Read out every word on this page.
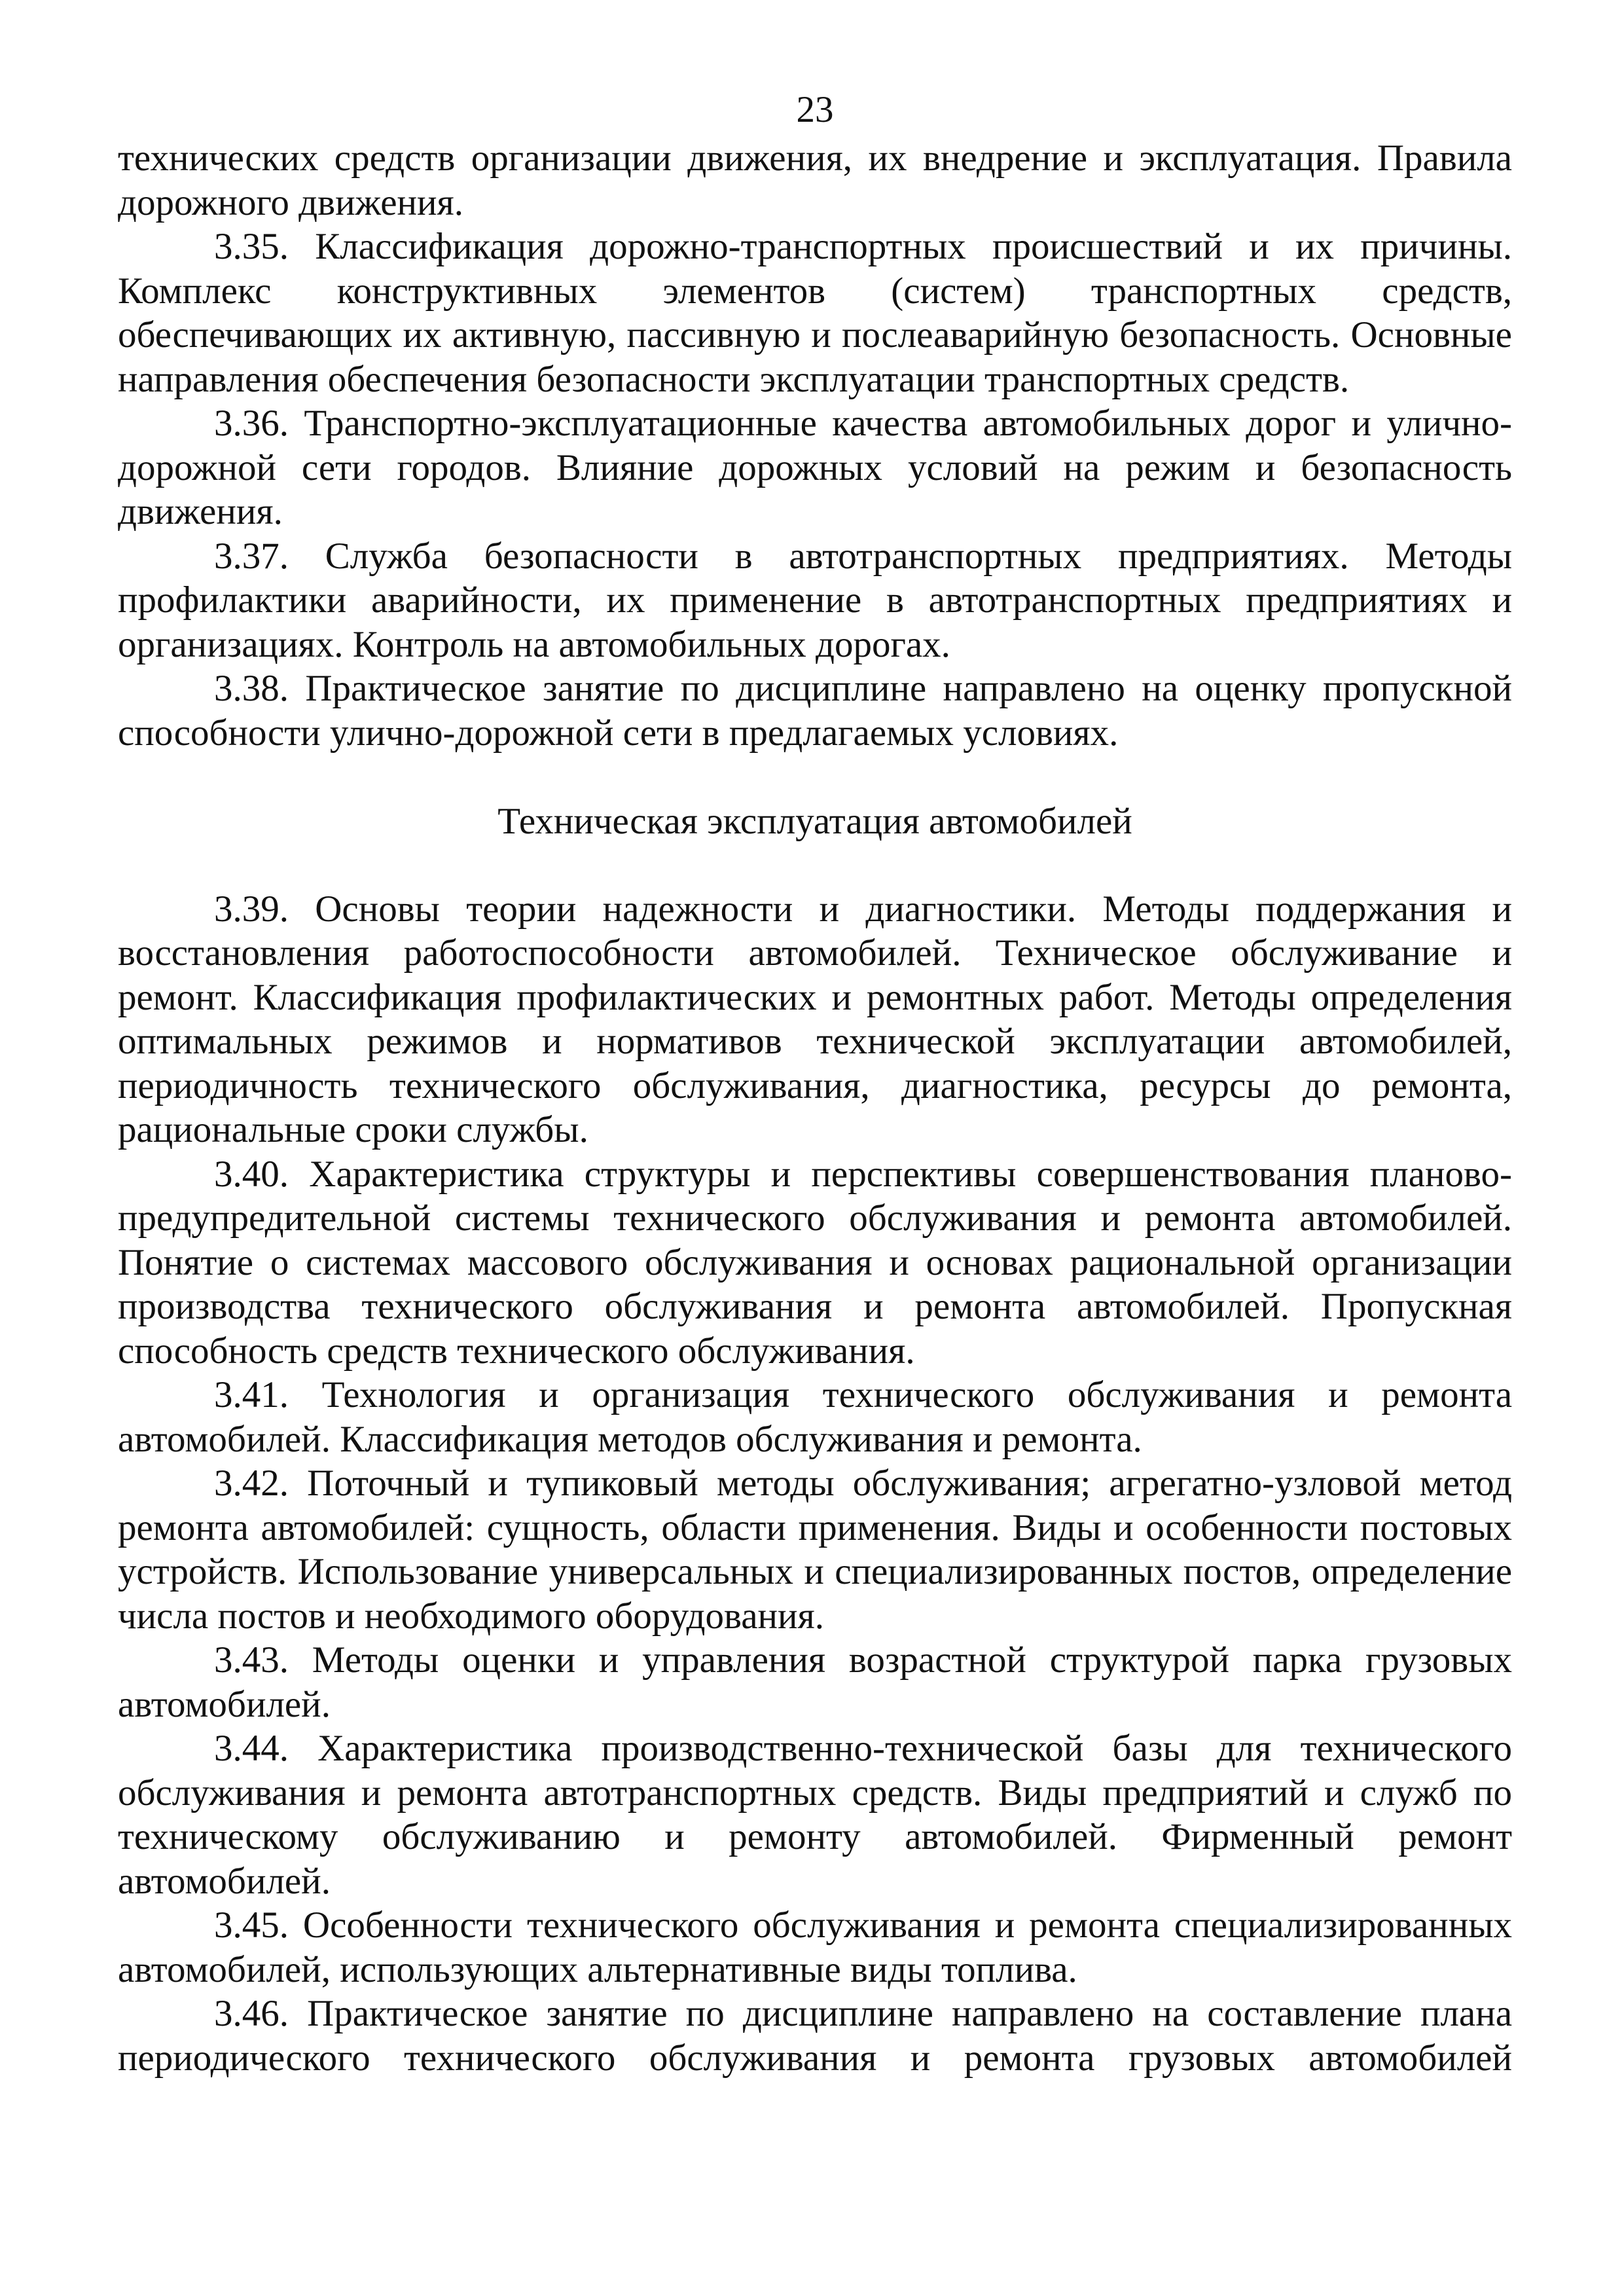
23

технических средств организации движения, их внедрение и эксплуатация. Правила дорожного движения.

3.35. Классификация дорожно-транспортных происшествий и их причины. Комплекс конструктивных элементов (систем) транспортных средств, обеспечивающих их активную, пассивную и послеаварийную безопасность. Основные направления обеспечения безопасности эксплуатации транспортных средств.

3.36. Транспортно-эксплуатационные качества автомобильных дорог и улично-дорожной сети городов. Влияние дорожных условий на режим и безопасность движения.

3.37. Служба безопасности в автотранспортных предприятиях. Методы профилактики аварийности, их применение в автотранспортных предприятиях и организациях. Контроль на автомобильных дорогах.

3.38. Практическое занятие по дисциплине направлено на оценку пропускной способности улично-дорожной сети в предлагаемых условиях.

Техническая эксплуатация автомобилей

3.39. Основы теории надежности и диагностики. Методы поддержания и восстановления работоспособности автомобилей. Техническое обслуживание и ремонт. Классификация профилактических и ремонтных работ. Методы определения оптимальных режимов и нормативов технической эксплуатации автомобилей, периодичность технического обслуживания, диагностика, ресурсы до ремонта, рациональные сроки службы.

3.40. Характеристика структуры и перспективы совершенствования планово-предупредительной системы технического обслуживания и ремонта автомобилей. Понятие о системах массового обслуживания и основах рациональной организации производства технического обслуживания и ремонта автомобилей. Пропускная способность средств технического обслуживания.

3.41. Технология и организация технического обслуживания и ремонта автомобилей. Классификация методов обслуживания и ремонта.

3.42. Поточный и тупиковый методы обслуживания; агрегатно-узловой метод ремонта автомобилей: сущность, области применения. Виды и особенности постовых устройств. Использование универсальных и специализированных постов, определение числа постов и необходимого оборудования.

3.43. Методы оценки и управления возрастной структурой парка грузовых автомобилей.

3.44. Характеристика производственно-технической базы для технического обслуживания и ремонта автотранспортных средств. Виды предприятий и служб по техническому обслуживанию и ремонту автомобилей. Фирменный ремонт автомобилей.

3.45. Особенности технического обслуживания и ремонта специализированных автомобилей, использующих альтернативные виды топлива.

3.46. Практическое занятие по дисциплине направлено на составление плана периодического технического обслуживания и ремонта грузовых автомобилей
